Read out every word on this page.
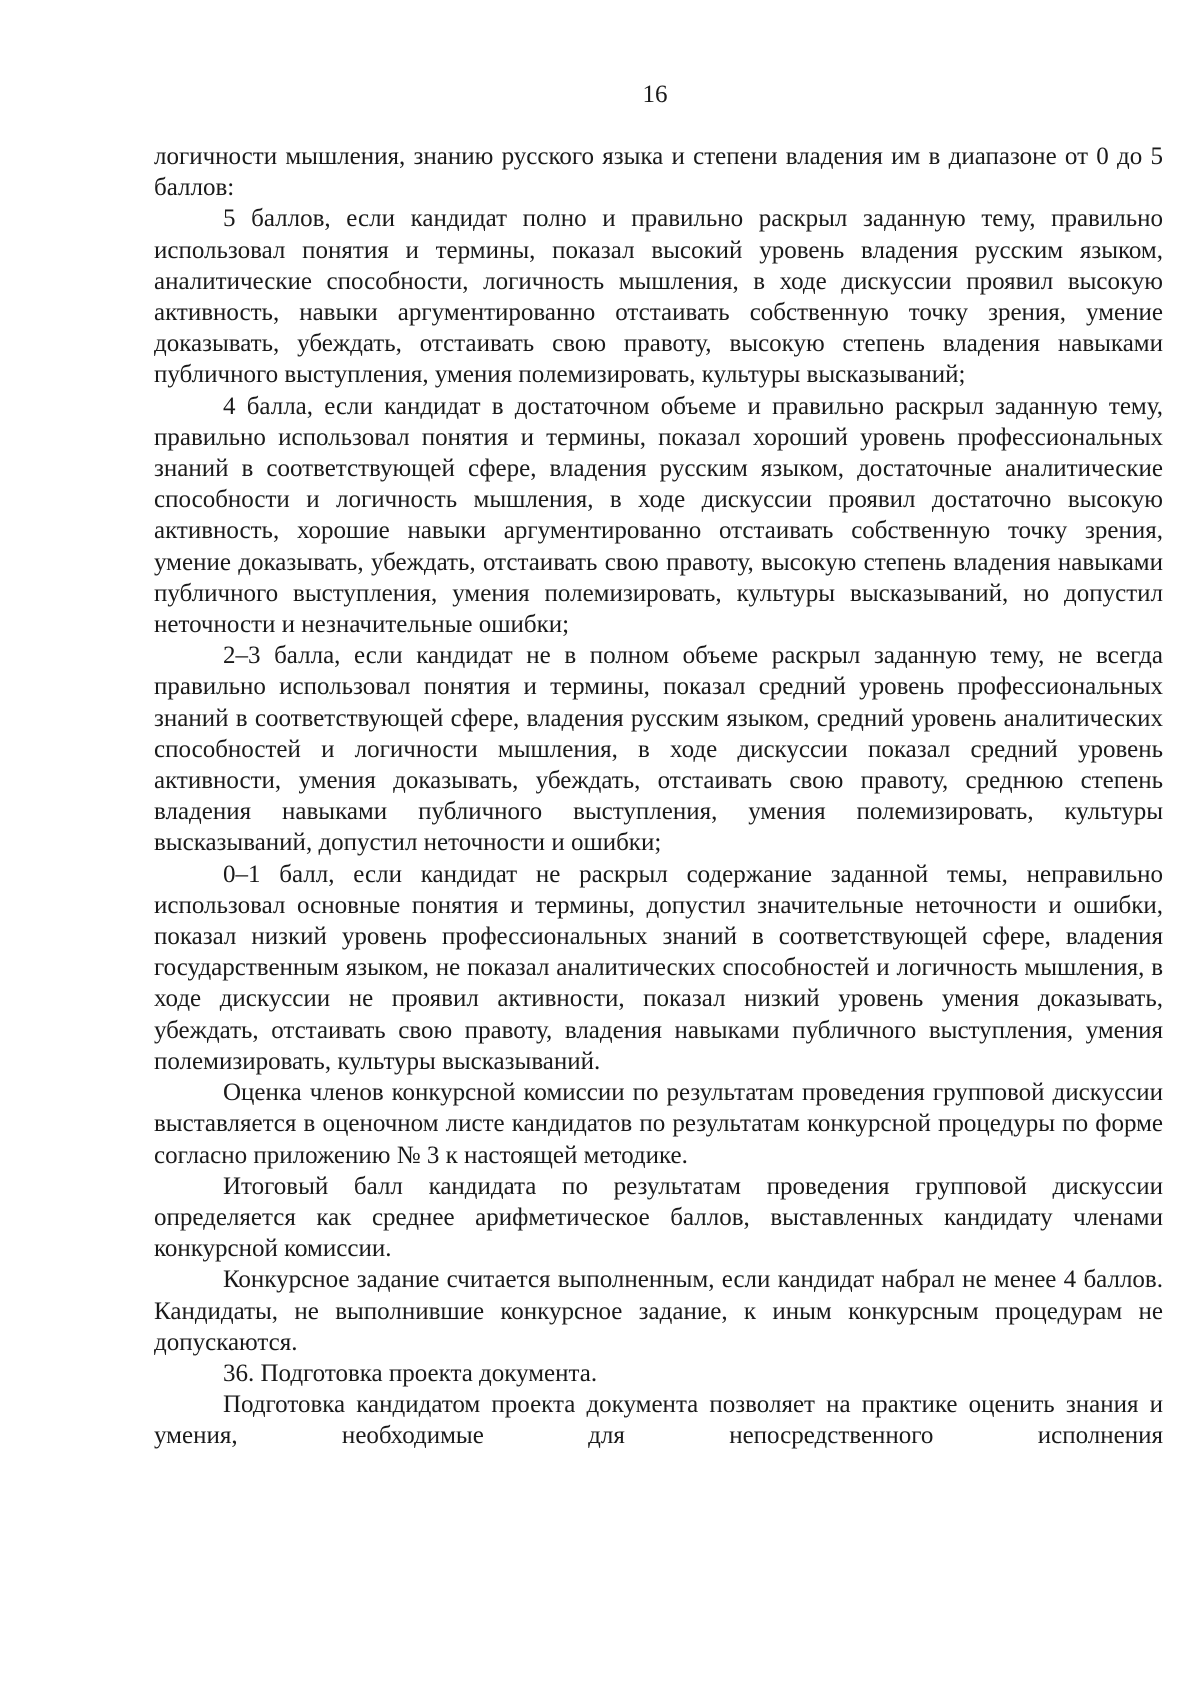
16

логичности мышления, знанию русского языка и степени владения им в диапазоне от 0 до 5 баллов:

5 баллов, если кандидат полно и правильно раскрыл заданную тему, правильно использовал понятия и термины, показал высокий уровень владения русским языком, аналитические способности, логичность мышления, в ходе дискуссии проявил высокую активность, навыки аргументированно отстаивать собственную точку зрения, умение доказывать, убеждать, отстаивать свою правоту, высокую степень владения навыками публичного выступления, умения полемизировать, культуры высказываний;

4 балла, если кандидат в достаточном объеме и правильно раскрыл заданную тему, правильно использовал понятия и термины, показал хороший уровень профессиональных знаний в соответствующей сфере, владения русским языком, достаточные аналитические способности и логичность мышления, в ходе дискуссии проявил достаточно высокую активность, хорошие навыки аргументированно отстаивать собственную точку зрения, умение доказывать, убеждать, отстаивать свою правоту, высокую степень владения навыками публичного выступления, умения полемизировать, культуры высказываний, но допустил неточности и незначительные ошибки;

2–3 балла, если кандидат не в полном объеме раскрыл заданную тему, не всегда правильно использовал понятия и термины, показал средний уровень профессиональных знаний в соответствующей сфере, владения русским языком, средний уровень аналитических способностей и логичности мышления, в ходе дискуссии показал средний уровень активности, умения доказывать, убеждать, отстаивать свою правоту, среднюю степень владения навыками публичного выступления, умения полемизировать, культуры высказываний, допустил неточности и ошибки;

0–1 балл, если кандидат не раскрыл содержание заданной темы, неправильно использовал основные понятия и термины, допустил значительные неточности и ошибки, показал низкий уровень профессиональных знаний в соответствующей сфере, владения государственным языком, не показал аналитических способностей и логичность мышления, в ходе дискуссии не проявил активности, показал низкий уровень умения доказывать, убеждать, отстаивать свою правоту, владения навыками публичного выступления, умения полемизировать, культуры высказываний.

Оценка членов конкурсной комиссии по результатам проведения групповой дискуссии выставляется в оценочном листе кандидатов по результатам конкурсной процедуры по форме согласно приложению № 3 к настоящей методике.

Итоговый балл кандидата по результатам проведения групповой дискуссии определяется как среднее арифметическое баллов, выставленных кандидату членами конкурсной комиссии.

Конкурсное задание считается выполненным, если кандидат набрал не менее 4 баллов. Кандидаты, не выполнившие конкурсное задание, к иным конкурсным процедурам не допускаются.

36. Подготовка проекта документа.

Подготовка кандидатом проекта документа позволяет на практике оценить знания и умения, необходимые для непосредственного исполнения
